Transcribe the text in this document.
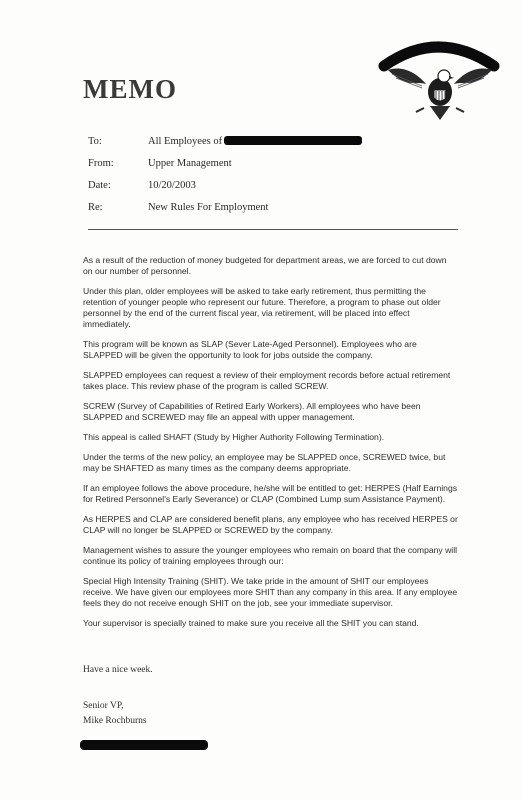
MEMO
To:	All Employees of
From:	Upper Management
Date:	10/20/2003
Re:	New Rules For Employment

As a result of the reduction of money budgeted for department areas, we are forced to cut down on our number of personnel.

Under this plan, older employees will be asked to take early retirement, thus permitting the retention of younger people who represent our future. Therefore, a program to phase out older personnel by the end of the current fiscal year, via retirement, will be placed into effect immediately.

This program will be known as SLAP (Sever Late-Aged Personnel). Employees who are SLAPPED will be given the opportunity to look for jobs outside the company.

SLAPPED employees can request a review of their employment records before actual retirement takes place. This review phase of the program is called SCREW.

SCREW (Survey of Capabilities of Retired Early Workers). All employees who have been SLAPPED and SCREWED may file an appeal with upper management.

This appeal is called SHAFT (Study by Higher Authority Following Termination).

Under the terms of the new policy, an employee may be SLAPPED once, SCREWED twice, but may be SHAFTED as many times as the company deems appropriate.

If an employee follows the above procedure, he/she will be entitled to get: HERPES (Half Earnings for Retired Personnel's Early Severance) or CLAP (Combined Lump sum Assistance Payment).

As HERPES and CLAP are considered benefit plans, any employee who has received HERPES or CLAP will no longer be SLAPPED or SCREWED by the company.

Management wishes to assure the younger employees who remain on board that the company will continue its policy of training employees through our:

Special High Intensity Training (SHIT). We take pride in the amount of SHIT our employees receive. We have given our employees more SHIT than any company in this area. If any employee feels they do not receive enough SHIT on the job, see your immediate supervisor.

Your supervisor is specially trained to make sure you receive all the SHIT you can stand.

Have a nice week.
Senior VP,
Mike Rochburns
